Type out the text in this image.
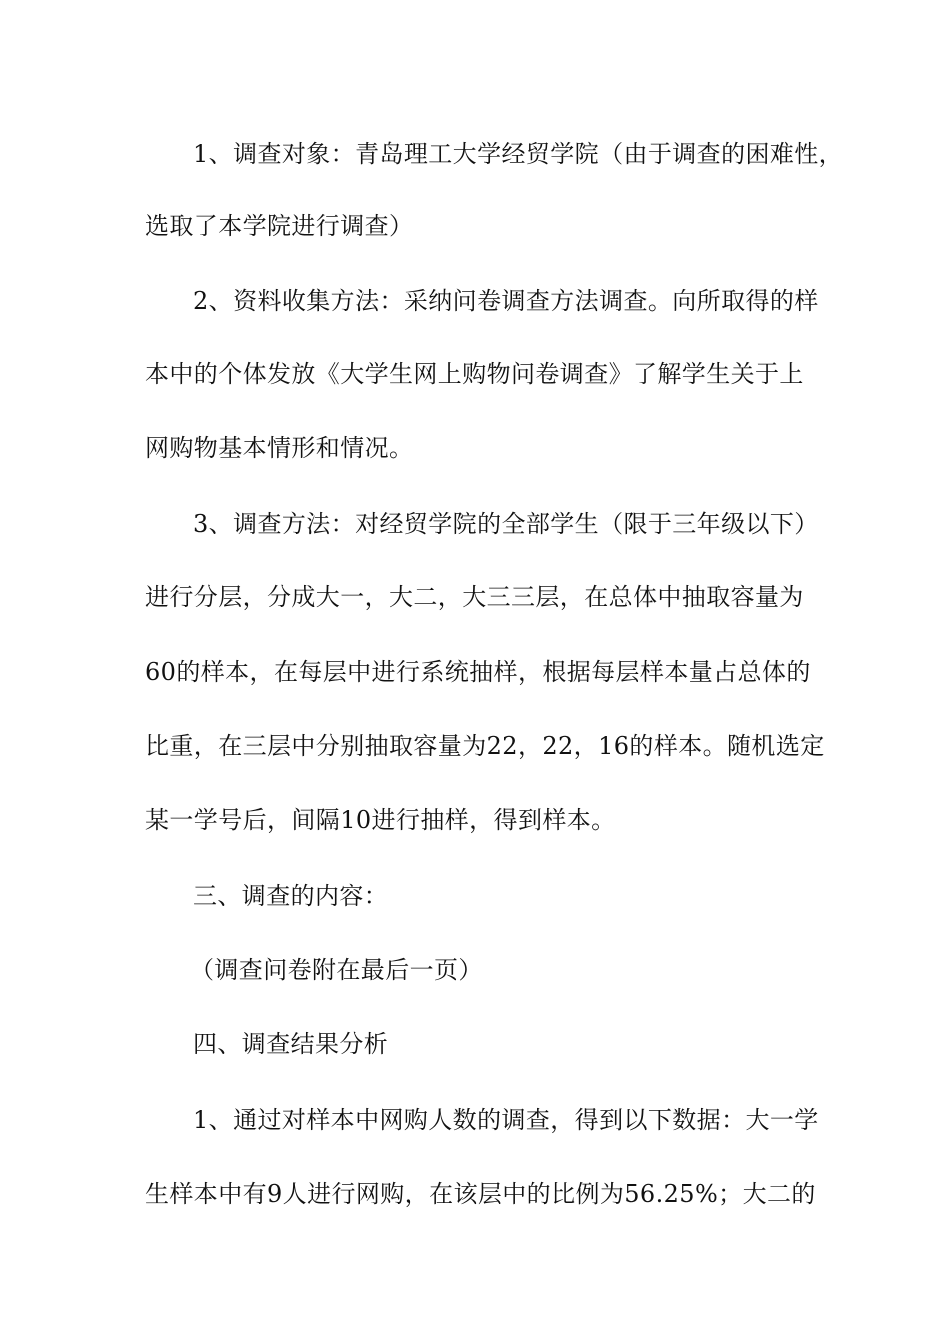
1、调查对象：青岛理工大学经贸学院（由于调查的困难性，
选取了本学院进行调查）
2、资料收集方法：采纳问卷调查方法调查。向所取得的样
本中的个体发放《大学生网上购物问卷调查》了解学生关于上
网购物基本情形和情况。
3、调查方法：对经贸学院的全部学生（限于三年级以下）
进行分层，分成大一，大二，大三三层，在总体中抽取容量为
60的样本，在每层中进行系统抽样，根据每层样本量占总体的
比重，在三层中分别抽取容量为22，22，16的样本。随机选定
某一学号后，间隔10进行抽样，得到样本。
三、调查的内容：
（调查问卷附在最后一页）
四、调查结果分析
1、通过对样本中网购人数的调查，得到以下数据：大一学
生样本中有9人进行网购，在该层中的比例为56.25%；大二的
